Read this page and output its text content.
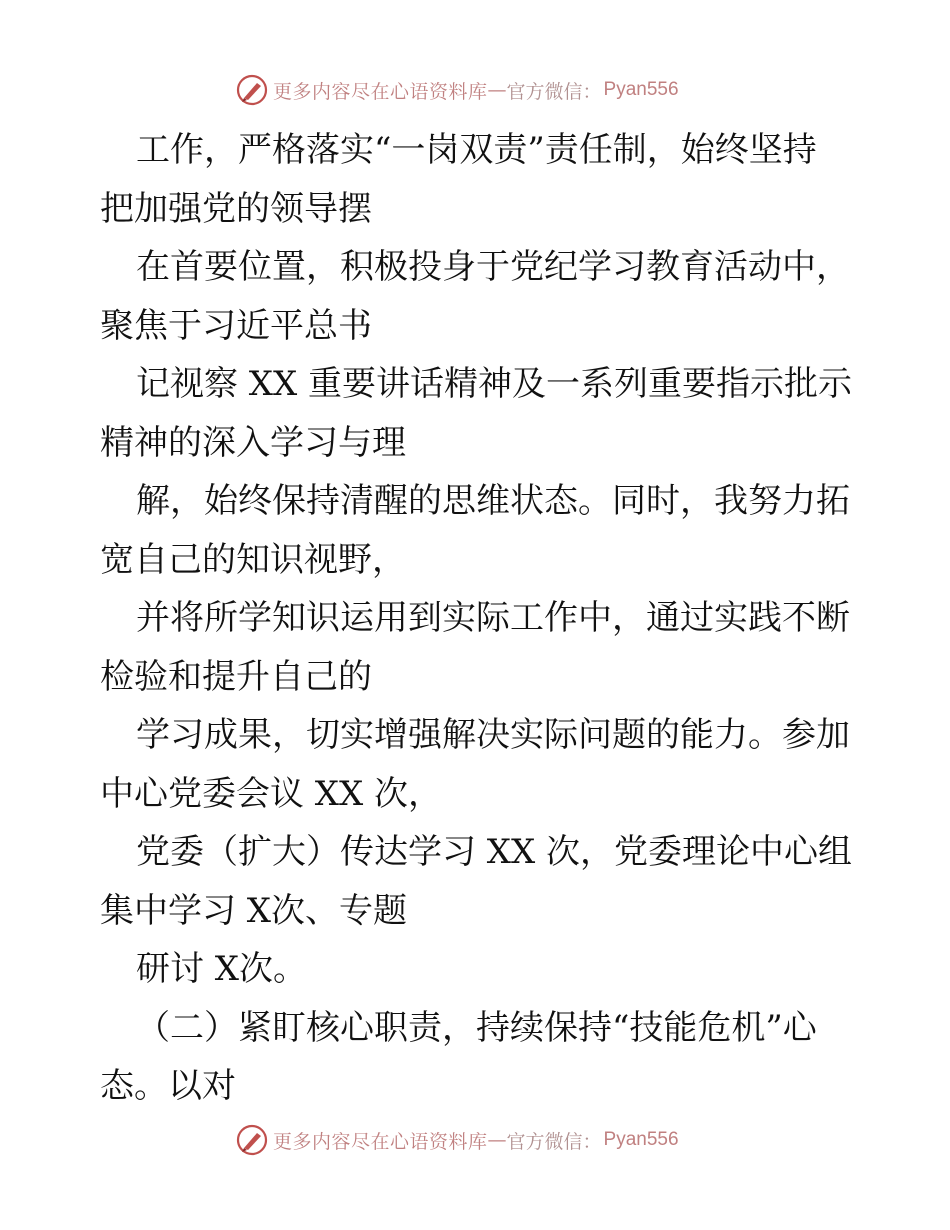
更多内容尽在心语资料库 — 官方微信： Pyan556
工作，严格落实“一岗双责”责任制，始终坚持
把加强党的领导摆
在首要位置，积极投身于党纪学习教育活动中，
聚焦于习近平总书
记视察 XX 重要讲话精神及一系列重要指示批示
精神的深入学习与理
解，始终保持清醒的思维状态。同时，我努力拓
宽自己的知识视野，
并将所学知识运用到实际工作中，通过实践不断
检验和提升自己的
学习成果，切实增强解决实际问题的能力。参加
中心党委会议 XX 次，
党委（扩大）传达学习 XX 次，党委理论中心组
集中学习 X次、专题
研讨 X次。
（二）紧盯核心职责，持续保持“技能危机”心
态。以对
更多内容尽在心语资料库 — 官方微信： Pyan556
